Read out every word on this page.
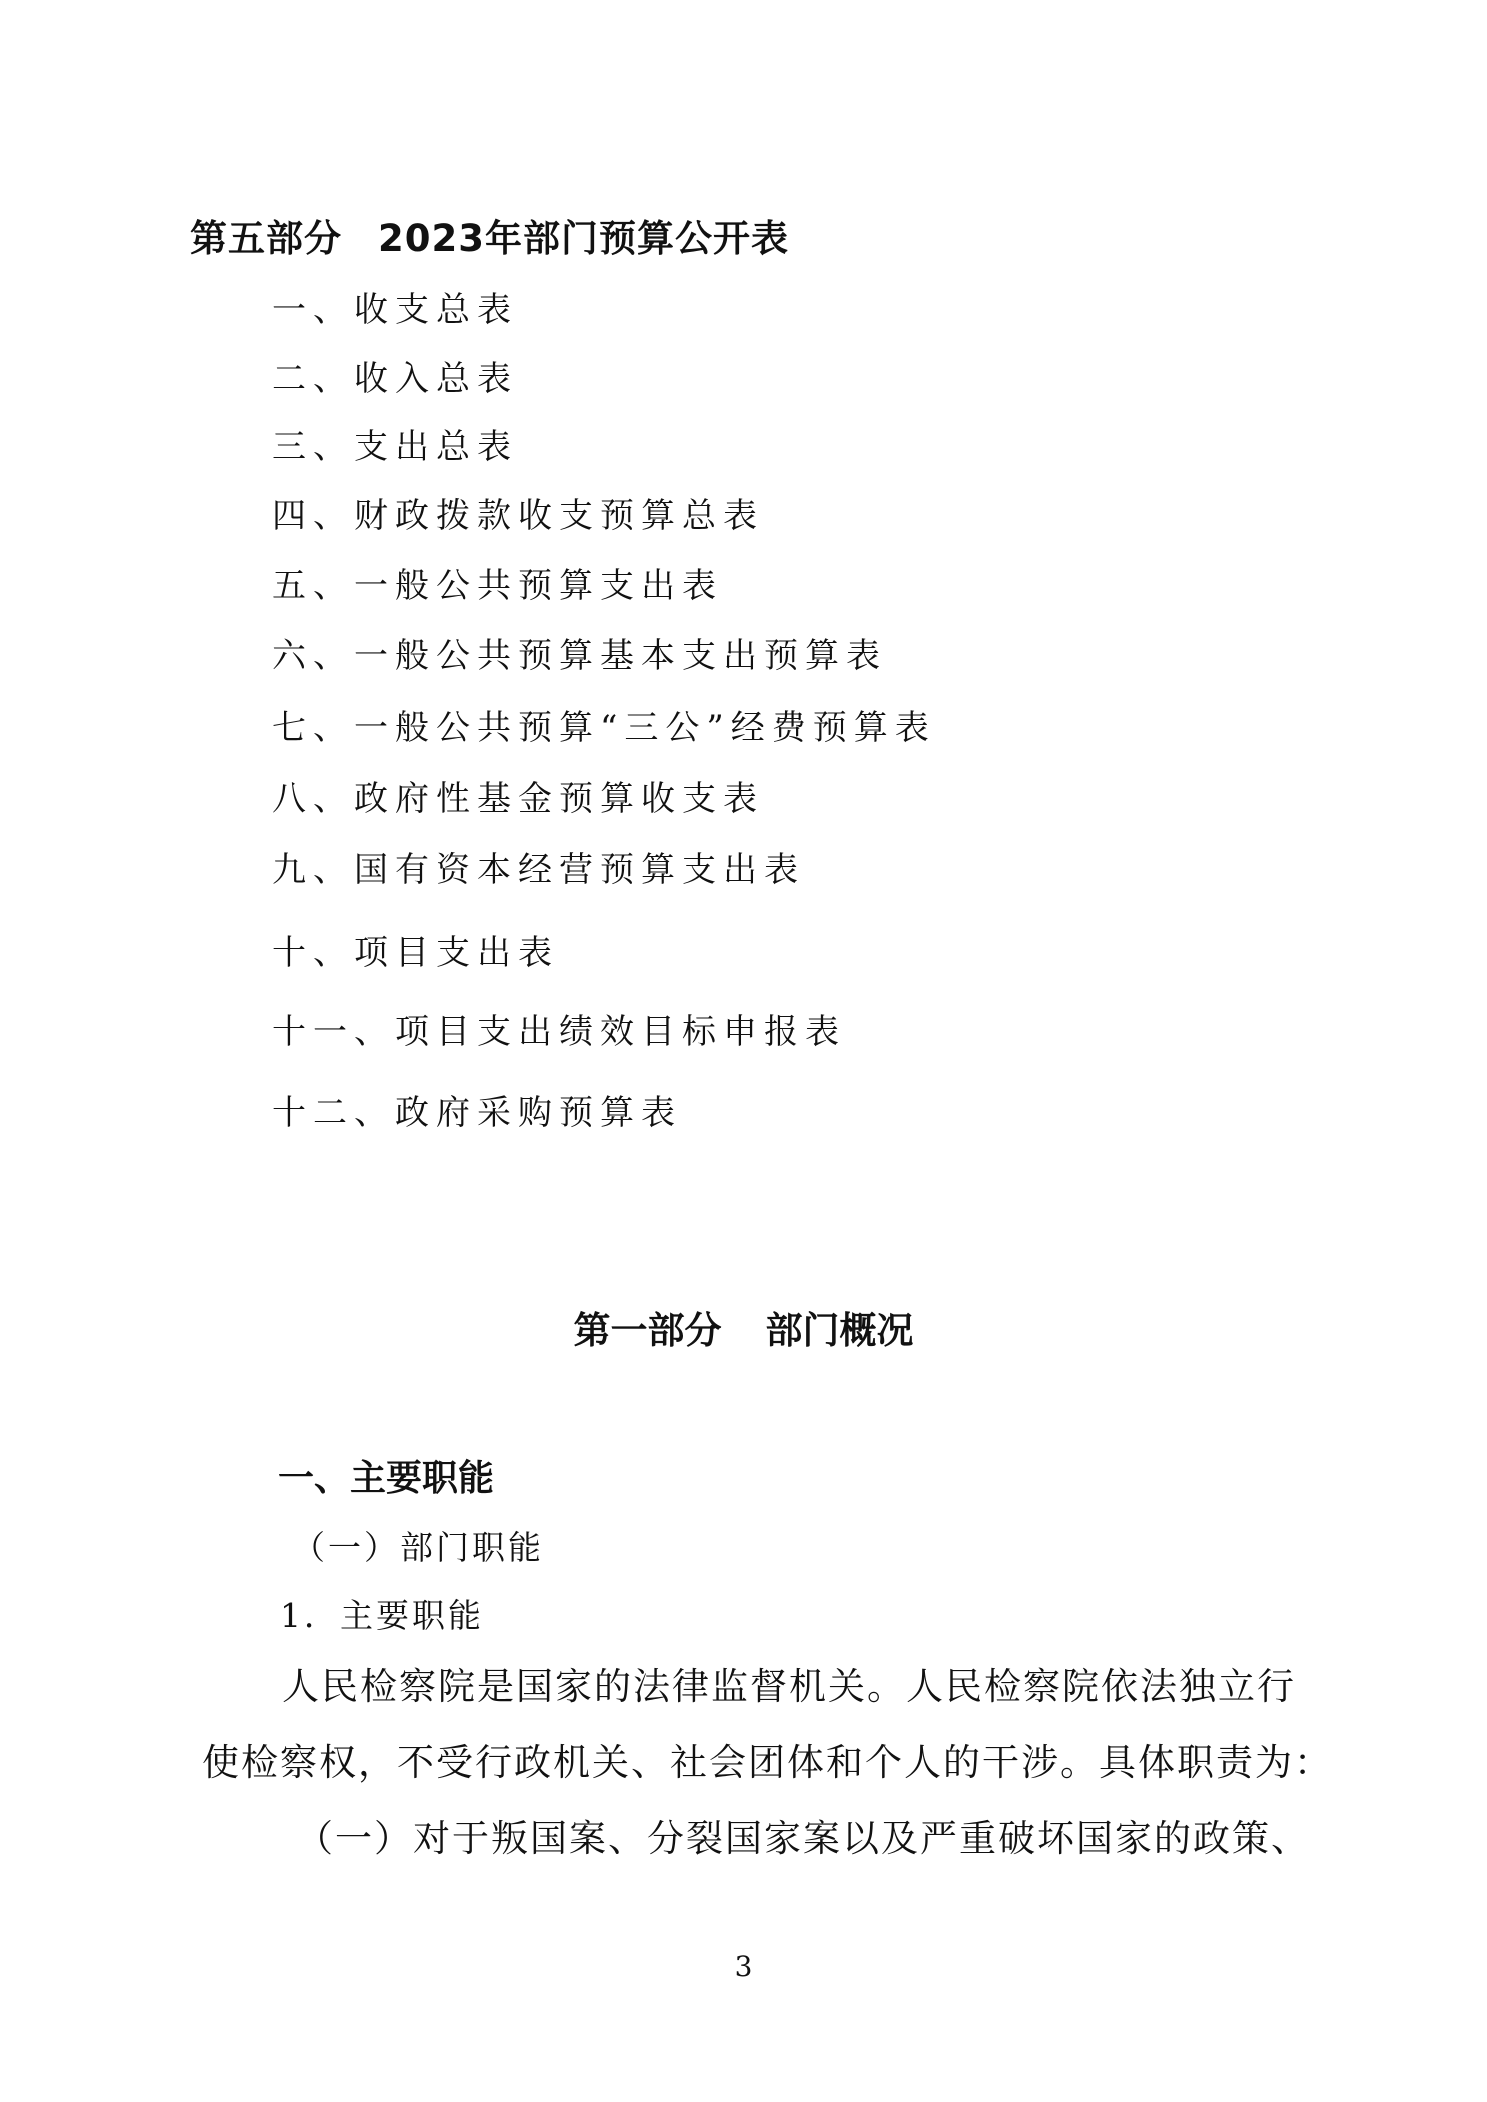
第五部分 2023年部门预算公开表
一、收支总表
二、收入总表
三、支出总表
四、财政拨款收支预算总表
五、一般公共预算支出表
六、一般公共预算基本支出预算表
七、一般公共预算“三公”经费预算表
八、政府性基金预算收支表
九、国有资本经营预算支出表
十、项目支出表
十一、项目支出绩效目标申报表
十二、政府采购预算表
第一部分 部门概况
一、主要职能
（一）部门职能
1．主要职能
人民检察院是国家的法律监督机关。人民检察院依法独立行
使检察权，不受行政机关、社会团体和个人的干涉。具体职责为：
（一）对于叛国案、分裂国家案以及严重破坏国家的政策、
3
